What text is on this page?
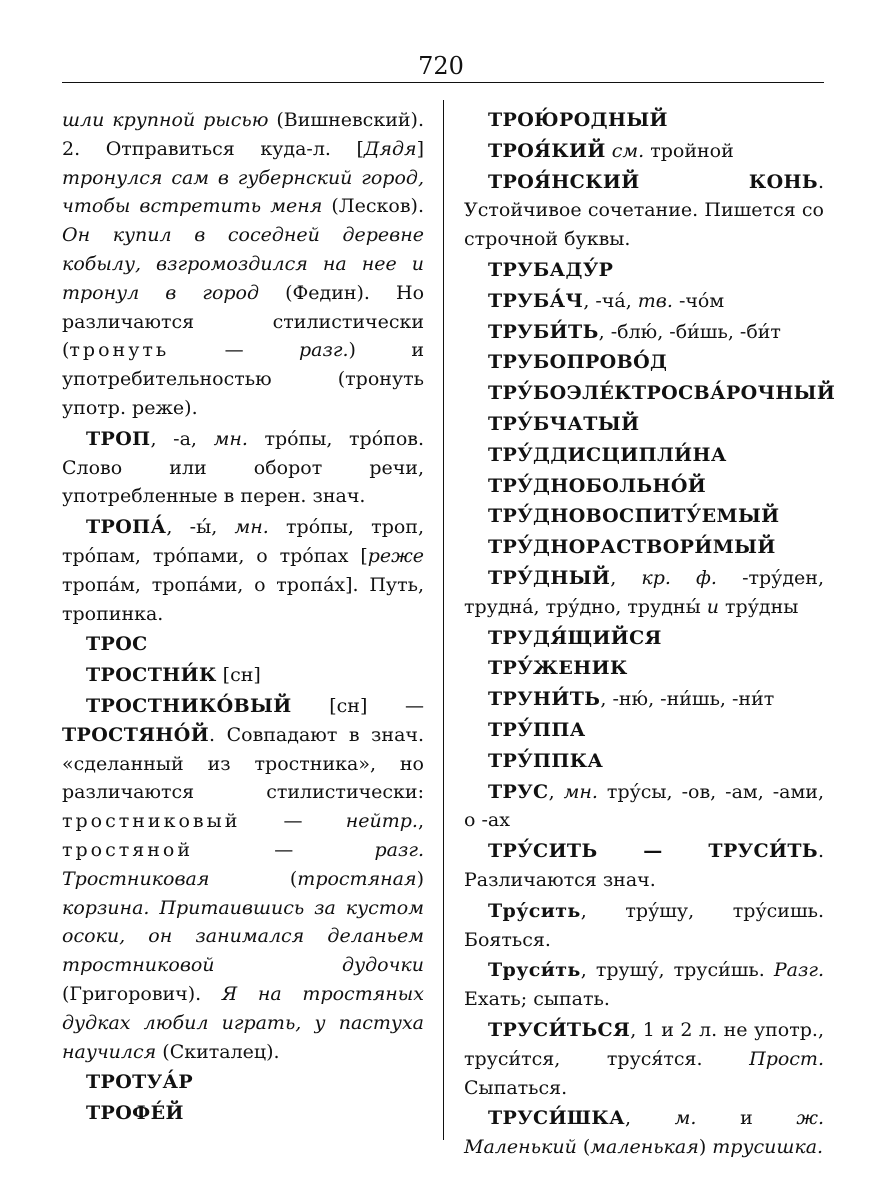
720

шли крупной рысью (Вишневский). 2. Отправиться куда-л. [Дядя] тронулся сам в губернский город, чтобы встретить меня (Лесков). Он купил в соседней деревне кобылу, взгромоздился на нее и тронул в город (Федин). Но различаются стилистически (тронуть — разг.) и употребительностью (тронуть употр. реже).

ТРОП, -а, мн. тро́пы, тро́пов. Слово или оборот речи, употребленные в перен. знач.

ТРОПА́, -ы́, мн. тро́пы, троп, тро́пам, тро́пами, о тро́пах [реже тропа́м, тропа́ми, о тропа́х]. Путь, тропинка.

ТРОС

ТРОСТНИ́К [сн]

ТРОСТНИКО́ВЫЙ [сн] — ТРОСТЯНО́Й. Совпадают в знач. «сделанный из тростника», но различаются стилистически: тростниковый — нейтр., тростяной — разг. Тростниковая (тростяная) корзина. Притаившись за кустом осоки, он занимался деланьем тростниковой дудочки (Григорович). Я на тростяных дудках любил играть, у пастуха научился (Скиталец).

ТРОТУА́Р

ТРОФЕ́Й

ТРОЮ́РОДНЫЙ

ТРОЯ́КИЙ см. тройной

ТРОЯ́НСКИЙ КОНЬ. Устойчивое сочетание. Пишется со строчной буквы.

ТРУБАДУ́Р

ТРУБА́Ч, -ча́, тв. -чо́м

ТРУБИ́ТЬ, -блю́, -би́шь, -би́т

ТРУБОПРОВО́Д

ТРУ́БОЭЛЕ́КТРОСВА́РОЧНЫЙ

ТРУ́БЧАТЫЙ

ТРУ́ДДИСЦИПЛИ́НА

ТРУ́ДНОБОЛЬНО́Й

ТРУ́ДНОВОСПИТУ́ЕМЫЙ

ТРУ́ДНОРАСТВОРИ́МЫЙ

ТРУ́ДНЫЙ, кр. ф. -тру́ден, трудна́, тру́дно, трудны́ и тру́дны

ТРУДЯ́ЩИЙСЯ

ТРУ́ЖЕНИК

ТРУНИ́ТЬ, -ню́, -ни́шь, -ни́т

ТРУ́ППА

ТРУ́ППКА

ТРУС, мн. тру́сы, -ов, -ам, -ами, о -ах

ТРУ́СИТЬ — ТРУСИ́ТЬ. Различаются знач.

Тру́сить, тру́шу, тру́сишь. Бояться.

Труси́ть, трушу́, труси́шь. Разг. Ехать; сыпать.

ТРУСИ́ТЬСЯ, 1 и 2 л. не употр., труси́тся, труся́тся. Прост. Сыпаться.

ТРУСИ́ШКА, м. и ж. Маленький (маленькая) трусишка.
